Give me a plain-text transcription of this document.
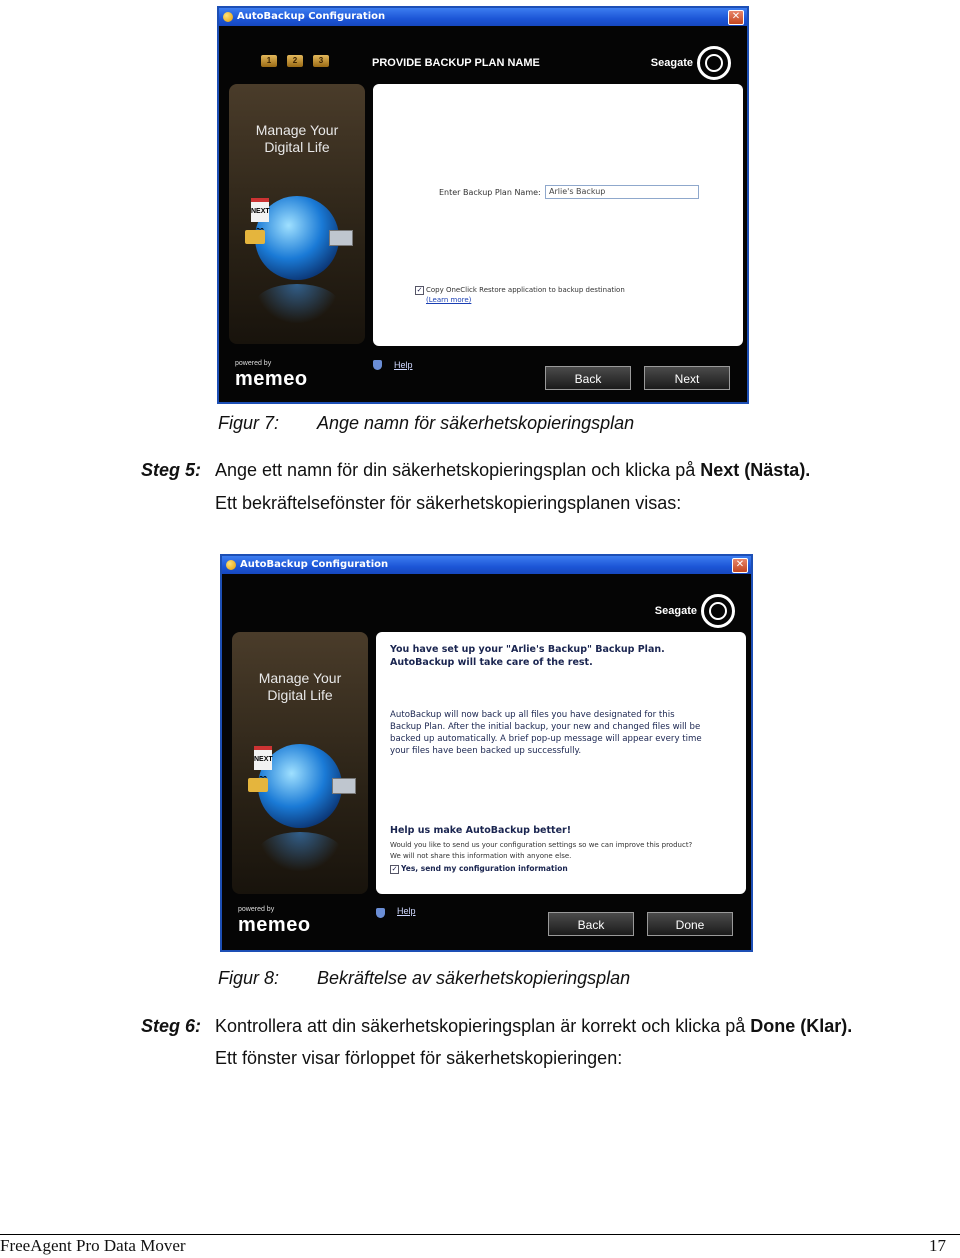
AutoBackup Configuration	✕
1	2	3	PROVIDE BACKUP PLAN NAME	Seagate
Manage Your
Digital Life
NEXT
Enter Backup Plan Name:	Arlie's Backup
✓ Copy OneClick Restore application to backup destination
(Learn more)
powered by
memeo
Help
Back	Next
Figur 7: Ange namn för säkerhetskopieringsplan
Steg 5: Ange ett namn för din säkerhetskopieringsplan och klicka på Next (Nästa).
Ett bekräftelsefönster för säkerhetskopieringsplanen visas:
AutoBackup Configuration	✕
Seagate
Manage Your
Digital Life
NEXT
You have set up your "Arlie's Backup" Backup Plan.
AutoBackup will take care of the rest.
AutoBackup will now back up all files you have designated for this
Backup Plan. After the initial backup, your new and changed files will be
backed up automatically. A brief pop-up message will appear every time
your files have been backed up successfully.
Help us make AutoBackup better!
Would you like to send us your configuration settings so we can improve this product?
We will not share this information with anyone else.
✓ Yes, send my configuration information
powered by
memeo
Help
Back	Done
Figur 8: Bekräftelse av säkerhetskopieringsplan
Steg 6: Kontrollera att din säkerhetskopieringsplan är korrekt och klicka på Done (Klar).
Ett fönster visar förloppet för säkerhetskopieringen:
FreeAgent Pro Data Mover	17
